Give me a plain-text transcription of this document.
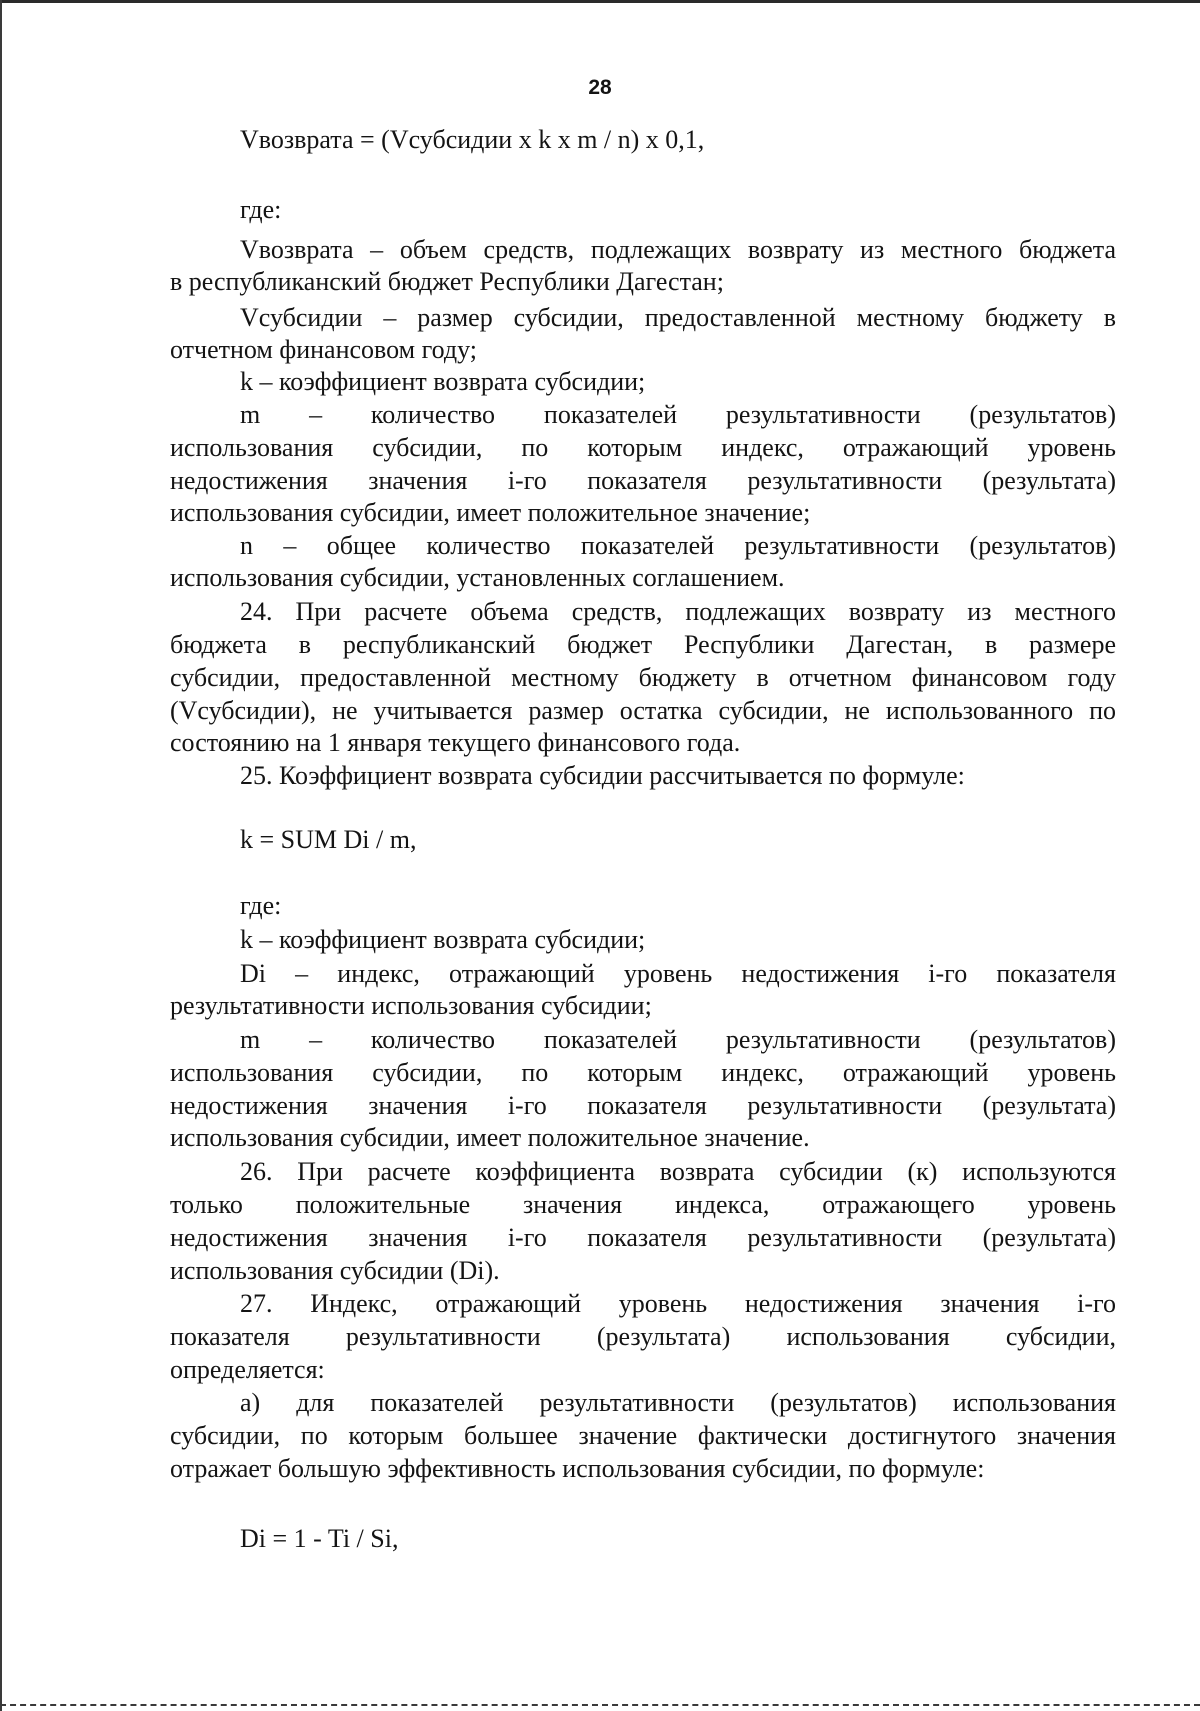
28
Vвозврата = (Vсубсидии x k x m / n) x 0,1,
где:
Vвозврата – объем средств, подлежащих возврату из местного бюджета
в республиканский бюджет Республики Дагестан;
Vсубсидии – размер субсидии, предоставленной местному бюджету в
отчетном финансовом году;
k – коэффициент возврата субсидии;
m – количество показателей результативности (результатов)
использования субсидии, по которым индекс, отражающий уровень
недостижения значения i-го показателя результативности (результата)
использования субсидии, имеет положительное значение;
n – общее количество показателей результативности (результатов)
использования субсидии, установленных соглашением.
24. При расчете объема средств, подлежащих возврату из местного
бюджета в республиканский бюджет Республики Дагестан, в размере
субсидии, предоставленной местному бюджету в отчетном финансовом году
(Vсубсидии), не учитывается размер остатка субсидии, не использованного по
состоянию на 1 января текущего финансового года.
25. Коэффициент возврата субсидии рассчитывается по формуле:
k = SUM Di / m,
где:
k – коэффициент возврата субсидии;
Di – индекс, отражающий уровень недостижения i-го показателя
результативности использования субсидии;
m – количество показателей результативности (результатов)
использования субсидии, по которым индекс, отражающий уровень
недостижения значения i-го показателя результативности (результата)
использования субсидии, имеет положительное значение.
26. При расчете коэффициента возврата субсидии (к) используются
только положительные значения индекса, отражающего уровень
недостижения значения i-го показателя результативности (результата)
использования субсидии (Di).
27. Индекс, отражающий уровень недостижения значения i-го
показателя результативности (результата) использования субсидии,
определяется:
а) для показателей результативности (результатов) использования
субсидии, по которым большее значение фактически достигнутого значения
отражает большую эффективность использования субсидии, по формуле:
Di = 1 - Ti / Si,
